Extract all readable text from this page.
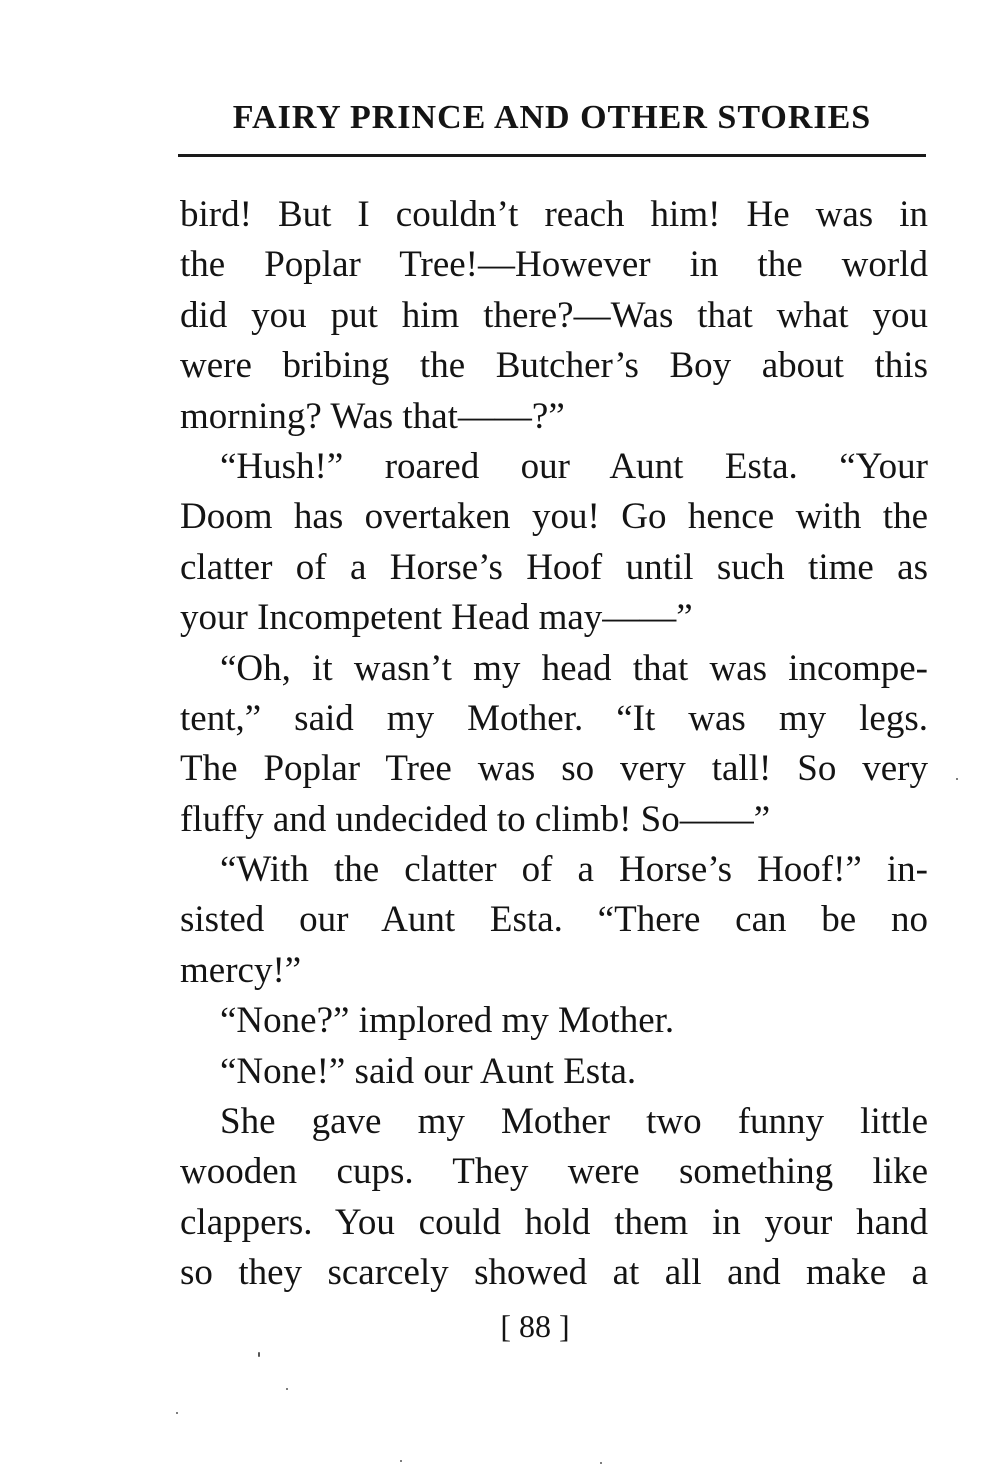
FAIRY PRINCE AND OTHER STORIES
bird! But I couldn’t reach him! He was in
the Poplar Tree!—However in the world
did you put him there?—Was that what you
were bribing the Butcher’s Boy about this
morning? Was that——?”
“Hush!” roared our Aunt Esta. “Your
Doom has overtaken you! Go hence with the
clatter of a Horse’s Hoof until such time as
your Incompetent Head may——”
“Oh, it wasn’t my head that was incompe-
tent,” said my Mother. “It was my legs.
The Poplar Tree was so very tall! So very
fluffy and undecided to climb! So——”
“With the clatter of a Horse’s Hoof!” in-
sisted our Aunt Esta. “There can be no
mercy!”
“None?” implored my Mother.
“None!” said our Aunt Esta.
She gave my Mother two funny little
wooden cups. They were something like
clappers. You could hold them in your hand
so they scarcely showed at all and make a
[ 88 ]
